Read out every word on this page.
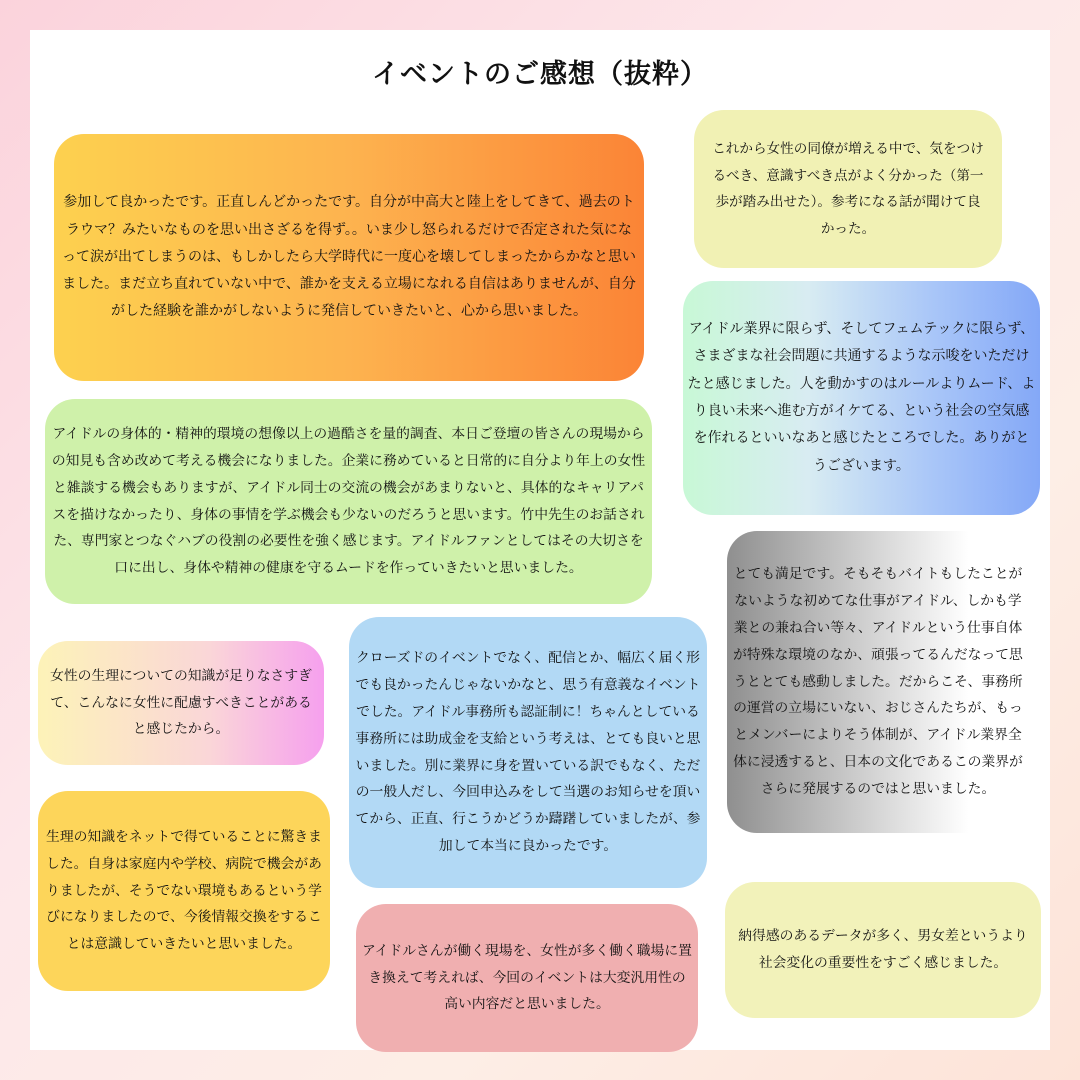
イベントのご感想（抜粋）

参加して良かったです。正直しんどかったです。自分が中高大と陸上をしてきて、過去のトラウマ？みたいなものを思い出さざるを得ず。。いま少し怒られるだけで否定された気になって涙が出てしまうのは、もしかしたら大学時代に一度心を壊してしまったからかなと思いました。まだ立ち直れていない中で、誰かを支える立場になれる自信はありませんが、自分がした経験を誰かがしないように発信していきたいと、心から思いました。

これから女性の同僚が増える中で、気をつけるべき、意識すべき点がよく分かった（第一歩が踏み出せた）。参考になる話が聞けて良かった。

アイドル業界に限らず、そしてフェムテックに限らず、さまざまな社会問題に共通するような示唆をいただけたと感じました。人を動かすのはルールよりムード、より良い未来へ進む方がイケてる、という社会の空気感を作れるといいなあと感じたところでした。ありがとうございます。

アイドルの身体的・精神的環境の想像以上の過酷さを量的調査、本日ご登壇の皆さんの現場からの知見も含め改めて考える機会になりました。企業に務めていると日常的に自分より年上の女性と雑談する機会もありますが、アイドル同士の交流の機会があまりないと、具体的なキャリアパスを描けなかったり、身体の事情を学ぶ機会も少ないのだろうと思います。竹中先生のお話された、専門家とつなぐハブの役割の必要性を強く感じます。アイドルファンとしてはその大切さを口に出し、身体や精神の健康を守るムードを作っていきたいと思いました。	とても満足です。そもそもバイトもしたことがないような初めてな仕事がアイドル、しかも学業との兼ね合い等々、アイドルという仕事自体が特殊な環境のなか、頑張ってるんだなって思うととても感動しました。だからこそ、事務所の運営の立場にいない、おじさんたちが、もっとメンバーによりそう体制が、アイドル業界全体に浸透すると、日本の文化であるこの業界がさらに発展するのではと思いました。

女性の生理についての知識が足りなさすぎて、こんなに女性に配慮すべきことがあると感じたから。

クローズドのイベントでなく、配信とか、幅広く届く形でも良かったんじゃないかなと、思う有意義なイベントでした。アイドル事務所も認証制に！ちゃんとしている事務所には助成金を支給という考えは、とても良いと思いました。別に業界に身を置いている訳でもなく、ただの一般人だし、今回申込みをして当選のお知らせを頂いてから、正直、行こうかどうか躊躇していましたが、参加して本当に良かったです。

生理の知識をネットで得ていることに驚きました。自身は家庭内や学校、病院で機会がありましたが、そうでない環境もあるという学びになりましたので、今後情報交換をすることは意識していきたいと思いました。	アイドルさんが働く現場を、女性が多く働く職場に置き換えて考えれば、今回のイベントは大変汎用性の高い内容だと思いました。

納得感のあるデータが多く、男女差というより社会変化の重要性をすごく感じました。
